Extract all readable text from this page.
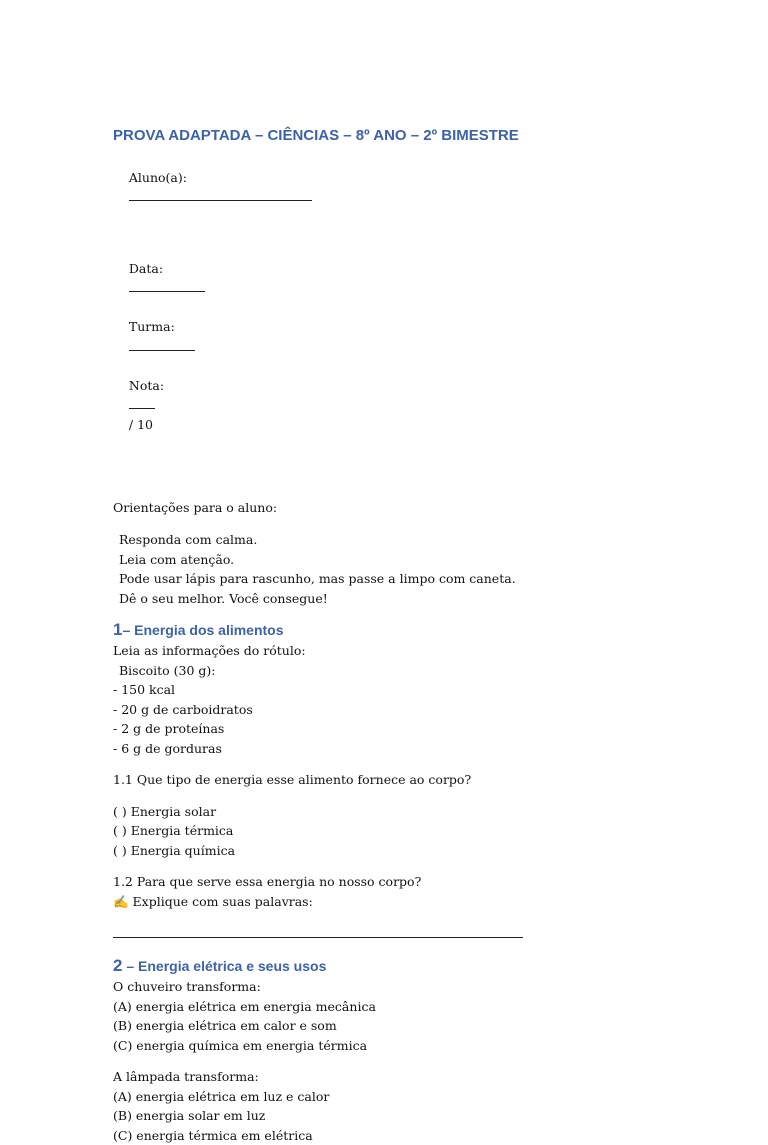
PROVA ADAPTADA – CIÊNCIAS – 8º ANO – 2º BIMESTRE

Aluno(a):

Data:

Turma:

Nota:

/ 10

Orientações para o aluno:
Responda com calma.
Leia com atenção.
Pode usar lápis para rascunho, mas passe a limpo com caneta.
Dê o seu melhor. Você consegue!
1– Energia dos alimentos
Leia as informações do rótulo:
Biscoito (30 g):
- 150 kcal
- 20 g de carboidratos
- 2 g de proteínas
- 6 g de gorduras
1.1 Que tipo de energia esse alimento fornece ao corpo?
( ) Energia solar
( ) Energia térmica
( ) Energia química
1.2 Para que serve essa energia no nosso corpo?
✍ Explique com suas palavras:
2 – Energia elétrica e seus usos
O chuveiro transforma:
(A) energia elétrica em energia mecânica
(B) energia elétrica em calor e som
(C) energia química em energia térmica
A lâmpada transforma:
(A) energia elétrica em luz e calor
(B) energia solar em luz
(C) energia térmica em elétrica
